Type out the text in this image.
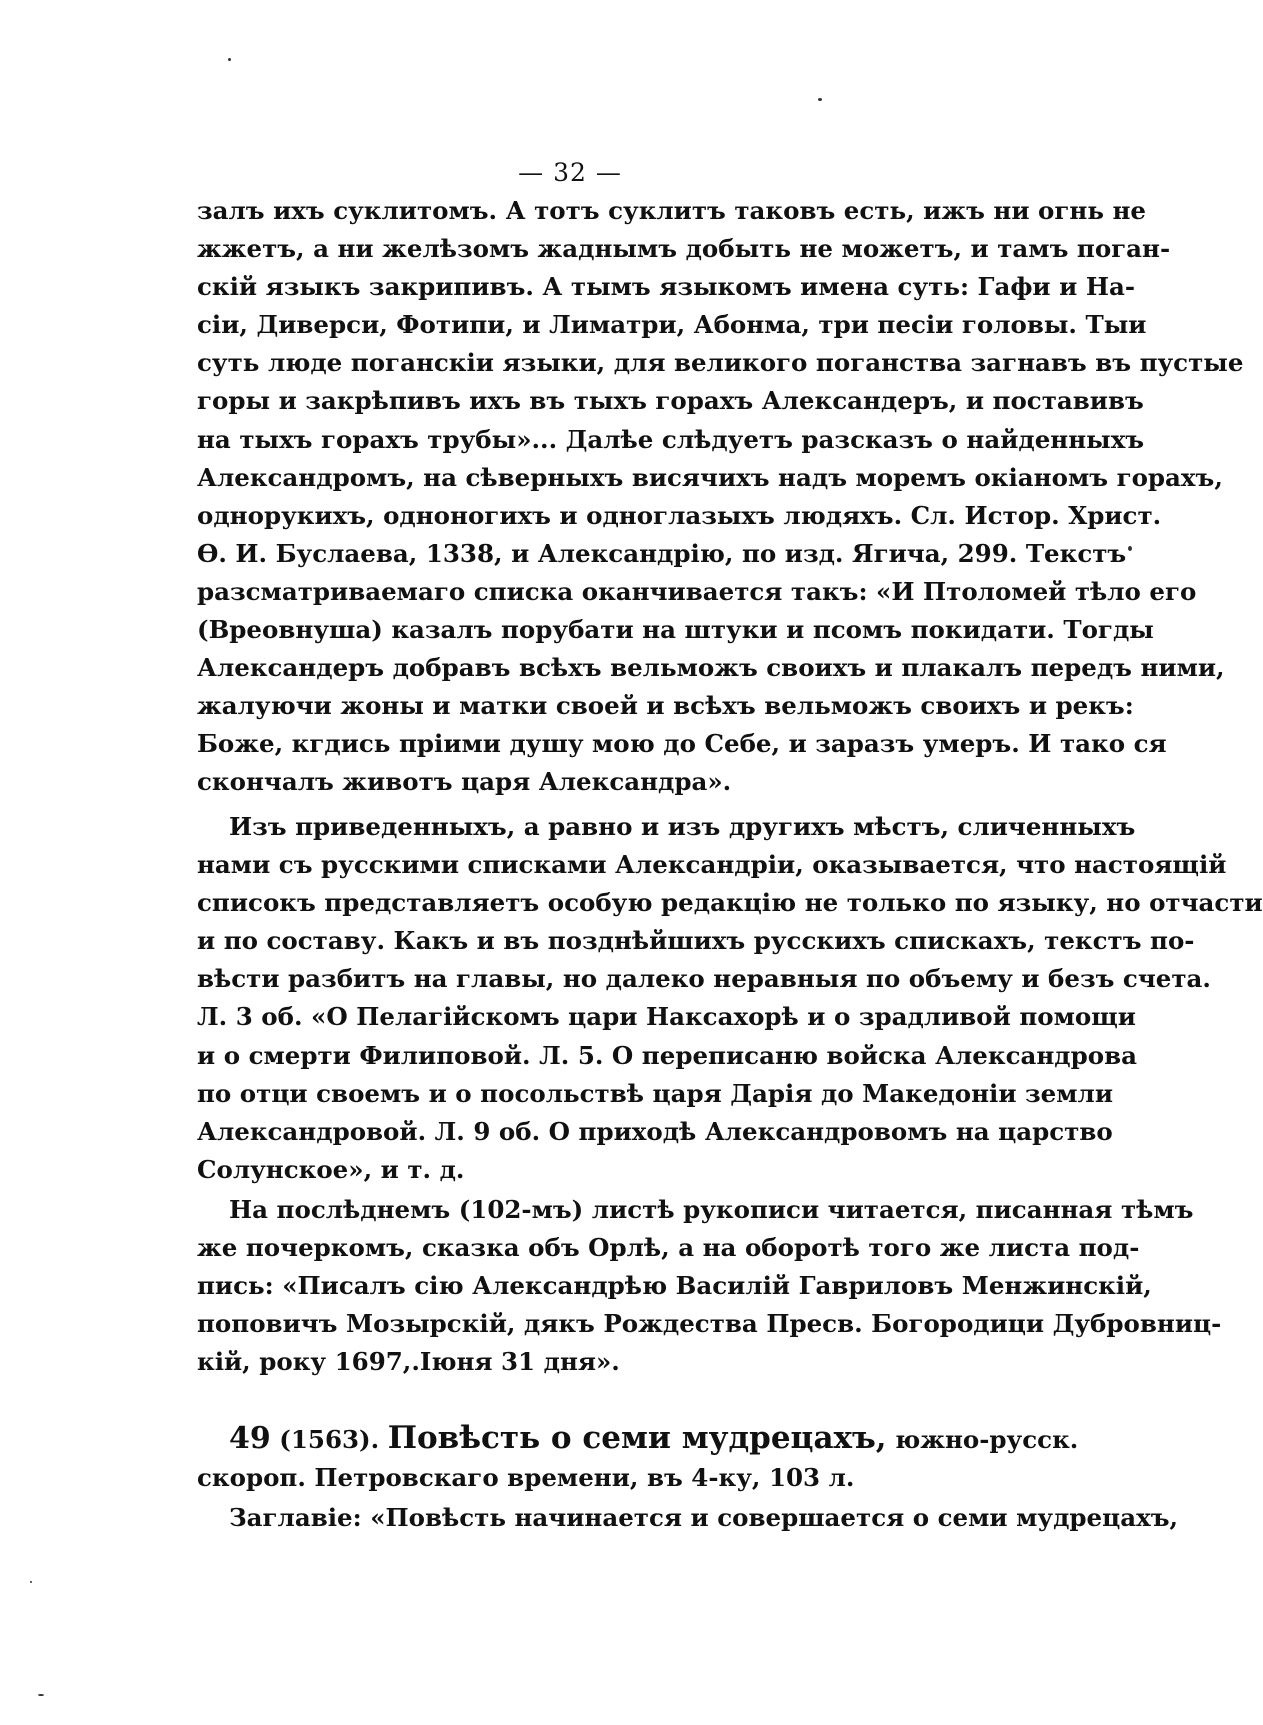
— 32 —
залъ ихъ суклитомъ. А тотъ суклитъ таковъ есть, ижъ ни огнь не
жжетъ, а ни желѣзомъ жаднымъ добыть не можетъ, и тамъ поган-
скій языкъ закрипивъ. А тымъ языкомъ имена суть: Гафи и На-
сіи, Диверси, Фотипи, и Лиматри, Абонма, три песіи головы. Тыи
суть люде поганскіи языки, для великого поганства загнавъ въ пустые
горы и закрѣпивъ ихъ въ тыхъ горахъ Александеръ, и поставивъ
на тыхъ горахъ трубы»... Далѣе слѣдуетъ разсказъ о найденныхъ
Александромъ, на сѣверныхъ висячихъ надъ моремъ окіаномъ горахъ,
однорукихъ, одноногихъ и одноглазыхъ людяхъ. Сл. Истор. Христ.
Ѳ. И. Буслаева, 1338, и Александрію, по изд. Ягича, 299. Текстъ
разсматриваемаго списка оканчивается такъ: «И Птоломей тѣло его
(Вреовнуша) казалъ порубати на штуки и псомъ покидати. Тогды
Александеръ добравъ всѣхъ вельможъ своихъ и плакалъ передъ ними,
жалуючи жоны и матки своей и всѣхъ вельможъ своихъ и рекъ:
Боже, кгдись пріими душу мою до Себе, и заразъ умеръ. И тако ся
скончалъ животъ царя Александра».
Изъ приведенныхъ, а равно и изъ другихъ мѣстъ, сличенныхъ
нами съ русскими списками Александріи, оказывается, что настоящій
списокъ представляетъ особую редакцію не только по языку, но отчасти
и по составу. Какъ и въ позднѣйшихъ русскихъ спискахъ, текстъ по-
вѣсти разбитъ на главы, но далеко неравныя по объему и безъ счета.
Л. 3 об. «О Пелагійскомъ цари Наксахорѣ и о зрадливой помощи
и о смерти Филиповой. Л. 5. О переписаню войска Александрова
по отци своемъ и о посольствѣ царя Дарія до Македоніи земли
Александровой. Л. 9 об. О приходѣ Александровомъ на царство
Солунское», и т. д.
На послѣднемъ (102-мъ) листѣ рукописи читается, писанная тѣмъ
же почеркомъ, сказка объ Орлѣ, а на оборотѣ того же листа под-
пись: «Писалъ сію Александрѣю Василій Гавриловъ Менжинскій,
поповичъ Мозырскій, дякъ Рождества Пресв. Богородици Дубровниц-
кій, року 1697,.Іюня 31 дня».
49 (1563). Повѣсть о семи мудрецахъ, южно-русск.
скороп. Петровскаго времени, въ 4-ку, 103 л.
Заглавіе: «Повѣсть начинается и совершается о семи мудрецахъ,
